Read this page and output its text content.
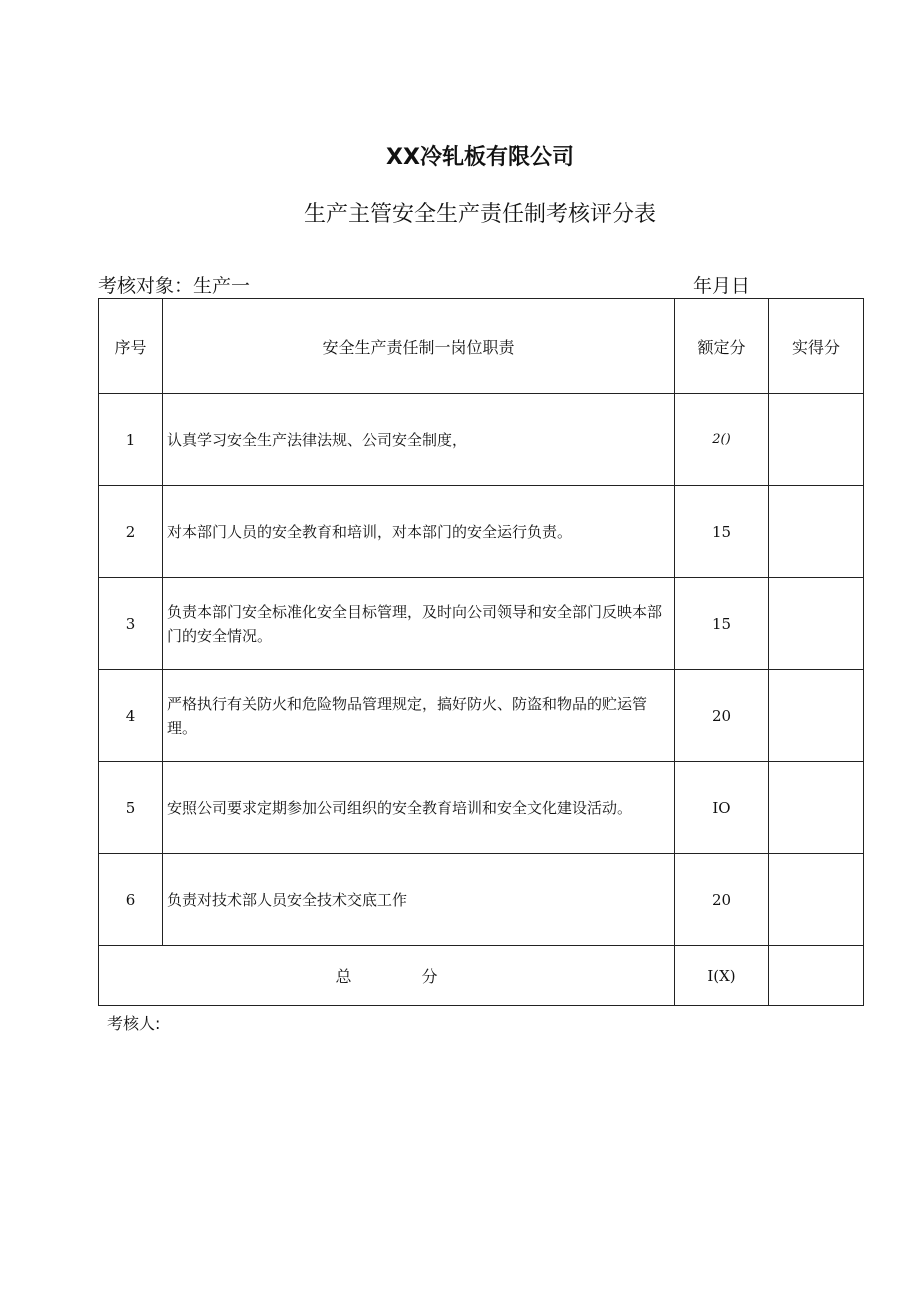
XX冷轧板有限公司
生产主管安全生产责任制考核评分表
考核对象：生产一	年月日
序号	安全生产责任制一岗位职责	额定分	实得分
1	认真学习安全生产法律法规、公司安全制度，	2()	
2	对本部门人员的安全教育和培训，对本部门的安全运行负责。	15	
3	负责本部门安全标准化安全目标管理，及时向公司领导和安全部门反映本部门的安全情况。	15	
4	严格执行有关防火和危险物品管理规定，搞好防火、防盗和物品的贮运管理。	20	
5	安照公司要求定期参加公司组织的安全教育培训和安全文化建设活动。	IO	
6	负责对技术部人员安全技术交底工作	20	
总 分		I(X)	
考核人:
